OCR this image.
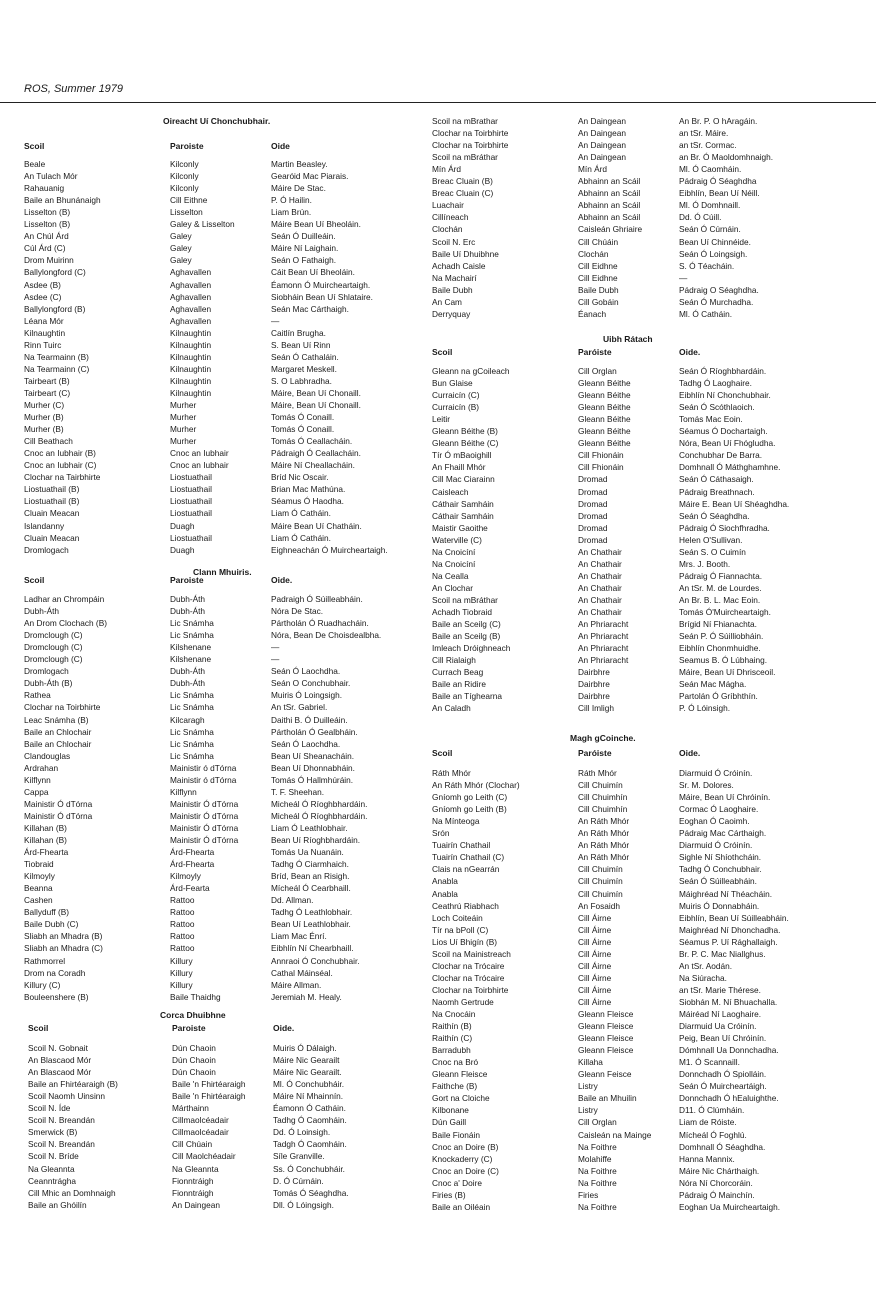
ROS, Summer 1979
Oireacht Uí Chonchubhair.
Scoil	Paroiste	Oide
Beale	Kilconly	Martin Beasley.
An Tulach Mór	Kilconly	Gearóid Mac Piarais.
Rahauanig	Kilconly	Máire De Stac.
Baile an Bhunánaigh	Cill Eithne	P. Ó Hailin.
Lisselton (B)	Lisselton	Liam Brún.
Lisselton (B)	Galey & Lisselton	Máire Bean Uí Bheoláin.
An Chúl Árd	Galey	Seán Ó Duilleáin.
Cúl Árd (C)	Galey	Máire Ní Laighain.
Drom Muirinn	Galey	Seán O Fathaigh.
Ballylongford (C)	Aghavallen	Cáit Bean Uí Bheoláin.
Asdee (B)	Aghavallen	Éamonn Ó Muircheartaigh.
Asdee (C)	Aghavallen	Siobháin Bean Uí Shlataire.
Ballylongford (B)	Aghavallen	Seán Mac Cárthaigh.
Léana Mór	Aghavallen	—
Kilnaughtin	Kilnaughtin	Caitlín Brugha.
Rinn Tuirc	Kilnaughtin	S. Bean Uí Rinn
Na Tearmainn (B)	Kilnaughtin	Seán Ó Cathaláin.
Na Tearmainn (C)	Kilnaughtin	Margaret Meskell.
Tairbeart (B)	Kilnaughtin	S. O Labhradha.
Tairbeart (C)	Kilnaughtin	Máire, Bean Uí Chonaill.
Murher (C)	Murher	Máire, Bean Uí Chonaill.
Murher (B)	Murher	Tomás Ó Conaill.
Murher (B)	Murher	Tomás Ó Conaill.
Cill Beathach	Murher	Tomás Ó Ceallacháin.
Cnoc an Iubhair (B)	Cnoc an Iubhair	Pádraigh Ó Ceallacháin.
Cnoc an Iubhair (C)	Cnoc an Iubhair	Máire Ní Cheallacháin.
Clochar na Tairbhirte	Liostuathail	Bríd Nic Oscair.
Liostuathail (B)	Liostuathail	Brian Mac Mathúna.
Liostuathail (B)	Liostuathail	Séamus Ó Haodha.
Cluain Meacan	Liostuathail	Liam Ó Catháin.
Islandanny	Duagh	Máire Bean Uí Chatháin.
Cluain Meacan	Liostuathail	Liam Ó Catháin.
Dromlogach	Duagh	Eighneachán Ó Muircheartaigh.
Clann Mhuiris.
Scoil	Paroiste	Oide.
Ladhar an Chrompáin	Dubh-Áth	Padraigh Ó Súilleabháin.
Dubh-Áth	Dubh-Áth	Nóra De Stac.
An Drom Clochach (B)	Lic Snámha	Pártholán Ó Ruadhacháin.
Dromclough (C)	Lic Snámha	Nóra, Bean De Choisdealbha.
Dromclough (C)	Kilshenane	—
Dromclough (C)	Kilshenane	—
Dromlogach	Dubh-Áth	Seán Ó Laochdha.
Dubh-Áth (B)	Dubh-Áth	Seán O Conchubhair.
Rathea	Lic Snámha	Muiris Ó Loingsigh.
Clochar na Toirbhirte	Lic Snámha	An tSr. Gabriel.
Leac Snámha (B)	Kilcaragh	Daithi B. Ó Duilleáin.
Baile an Chlochair	Lic Snámha	Pártholán Ó Gealbháin.
Baile an Chlochair	Lic Snámha	Seán Ó Laochdha.
Clandouglas	Lic Snámha	Bean Uí Sheanacháin.
Ardrahan	Mainistir ó dTórna	Bean Uí Dhonnabháin.
Kilflynn	Mainistir ó dTórna	Tomás Ó Hallmhúráin.
Cappa	Kilflynn	T. F. Sheehan.
Mainistir Ó dTórna	Mainistir Ó dTórna	Micheál Ó Ríoghbhardáin.
Mainistir Ó dTórna	Mainistir Ó dTórna	Micheál Ó Ríoghbhardáin.
Killahan (B)	Mainistir Ó dTórna	Liam Ó Leathlobhair.
Killahan (B)	Mainistir Ó dTórna	Bean Uí Ríoghbhardáin.
Árd-Fhearta	Árd-Fhearta	Tomás Ua Nuanáin.
Tiobraid	Árd-Fhearta	Tadhg Ó Ciarmhaich.
Kilmoyly	Kilmoyly	Bríd, Bean an Risigh.
Beanna	Árd-Fearta	Mícheál Ó Cearbhaill.
Cashen	Rattoo	Dd. Allman.
Ballyduff (B)	Rattoo	Tadhg Ó Leathlobhair.
Baile Dubh (C)	Rattoo	Bean Uí Leathlobhair.
Sliabh an Mhadra (B)	Rattoo	Liam Mac Énrí.
Sliabh an Mhadra (C)	Rattoo	Eibhlín Ní Chearbhaill.
Rathmorrel	Killury	Annraoi Ó Conchubhair.
Drom na Coradh	Killury	Cathal Máinséal.
Killury (C)	Killury	Máire Allman.
Bouleenshere (B)	Baile Thaidhg	Jeremiah M. Healy.
Corca Dhuibhne
Scoil	Paroiste	Oide.
Scoil N. Gobnait	Dún Chaoin	Muiris Ó Dálaigh.
An Blascaod Mór	Dún Chaoin	Máire Nic Gearailt
An Blascaod Mór	Dún Chaoin	Máire Nic Gearailt.
Baile an Fhirtéaraigh (B)	Baile 'n Fhirtéaraigh	Ml. Ó Conchubháir.
Scoil Naomh Uinsinn	Baile 'n Fhirtéaraigh	Máire Ní Mhainnín.
Scoil N. Íde	Márthainn	Éamonn Ó Catháin.
Scoil N. Breandán	Cillmaolcéadair	Tadhg Ó Caomháin.
Smerwick (B)	Cillmaolcéadair	Dd. Ó Loinsigh.
Scoil N. Breandán	Cill Chúain	Tadgh Ó Caomháin.
Scoil N. Bríde	Cill Maolchéadair	Síle Granville.
Na Gleannta	Na Gleannta	Ss. Ó Conchubháir.
Ceanntrágha	Fionntráigh	D. Ó Cúrnáin.
Cill Mhic an Domhnaigh	Fionntráigh	Tomás Ó Séaghdha.
Baile an Ghóilín	An Daingean	Dll. Ó Lóingsigh.
Scoil na mBrathar	An Daingean	An Br. P. O hAragáin.
Clochar na Toirbhirte	An Daingean	an tSr. Máire.
Clochar na Toirbhirte	An Daingean	an tSr. Cormac.
Scoil na mBráthar	An Daingean	an Br. Ó Maoldomhnaigh.
Mín Árd	Mín Árd	Ml. Ó Caomháin.
Breac Cluain (B)	Abhainn an Scáil	Pádraig Ó Séaghdha
Breac Cluain (C)	Abhainn an Scáil	Eibhlín, Bean Uí Néill.
Luachair	Abhainn an Scáil	Ml. Ó Domhnaill.
Cillíneach	Abhainn an Scáil	Dd. Ó Cúill.
Clochán	Caisleán Ghriaire	Seán Ó Cúrnáin.
Scoil N. Erc	Cill Chúáin	Bean Uí Chinnéide.
Baile Uí Dhuibhne	Clochán	Seán Ó Loingsigh.
Achadh Caisle	Cill Eidhne	S. Ó Téacháin.
Na Machairí	Cill Eidhne	—
Baile Dubh	Baile Dubh	Pádraig O Séaghdha.
An Cam	Cill Gobáin	Seán Ó Murchadha.
Derryquay	Éanach	Ml. Ó Catháin.
Uibh Rátach
Scoil	Paróiste	Oide.
Gleann na gCoileach	Cill Orglan	Seán Ó Ríoghbhardáin.
Bun Glaise	Gleann Béithe	Tadhg Ó Laoghaire.
Curraicín (C)	Gleann Béithe	Eibhlín Ní Chonchubhair.
Curraicín (B)	Gleann Béithe	Seán Ó Scóthlaoich.
Leitir	Gleann Béithe	Tomás Mac Eoin.
Gleann Béithe (B)	Gleann Béithe	Séamus Ó Dochartaigh.
Gleann Béithe (C)	Gleann Béithe	Nóra, Bean Uí Fhógludha.
Tír Ó mBaoighill	Cill Fhionáin	Conchubhar De Barra.
An Fhaill Mhór	Cill Fhionáin	Domhnall Ó Máthghamhne.
Cill Mac Ciarainn	Dromad	Seán Ó Cáthasaigh.
Caisleach	Dromad	Pádraig Breathnach.
Cáthair Samháin	Dromad	Máire E. Bean Uí Shéaghdha.
Cáthair Samháin	Dromad	Seán Ó Séaghdha.
Maistir Gaoithe	Dromad	Pádraig Ó Siochfhradha.
Waterville (C)	Dromad	Helen O'Sullivan.
Na Cnoicíní	An Chathair	Seán S. O Cuimín
Na Cnoicíní	An Chathair	Mrs. J. Booth.
Na Cealla	An Chathair	Pádraig Ó Fiannachta.
An Clochar	An Chathair	An tSr. M. de Lourdes.
Scoil na mBráthar	An Chathair	An Br. B. L. Mac Eoin.
Achadh Tiobraid	An Chathair	Tomás Ó'Muircheartaigh.
Baile an Sceilg (C)	An Phriaracht	Brígid Ní Fhianachta.
Baile an Sceilg (B)	An Phriaracht	Seán P. Ó Súilliobháin.
Imleach Dróighneach	An Phriaracht	Eibhlín Chonmhuidhe.
Cill Rialaigh	An Phriaracht	Seamus B. Ó Lúbhaing.
Currach Beag	Dairbhre	Máire, Bean Uí Dhrisceoil.
Baile an Ridire	Dairbhre	Seán Mac Mágha.
Baile an Tíghearna	Dairbhre	Partolán Ó Gríbhthín.
An Caladh	Cill Imligh	P. Ó Lóinsigh.
Magh gCoinche.
Scoil	Paróiste	Oide.
Ráth Mhór	Ráth Mhór	Diarmuid Ó Cróinín.
An Ráth Mhór (Clochar)	Cill Chuimín	Sr. M. Dolores.
Gníomh go Leith (C)	Cill Chuimhín	Máire, Bean Uí Chróinín.
Gníomh go Leith (B)	Cill Chuimhín	Cormac Ó Laoghaire.
Na Mínteoga	An Ráth Mhór	Eoghan Ó Caoimh.
Srón	An Ráth Mhór	Pádraig Mac Cárthaigh.
Tuairín Chathail	An Ráth Mhór	Diarmuid Ó Cróinín.
Tuairín Chathail (C)	An Ráth Mhór	Sighle Ní Shíothcháin.
Clais na nGearrán	Cill Chuimín	Tadhg Ó Conchubhair.
Anabla	Cill Chuimín	Seán Ó Súilleabháin.
Anabla	Cill Chuimín	Máighréad Ní Théacháin.
Ceathrú Riabhach	An Fosaidh	Muiris Ó Donnabháin.
Loch Coiteáin	Cill Áirne	Eibhlín, Bean Uí Súilleabháin.
Tír na bPoll (C)	Cill Áirne	Maighréad Ní Dhonchadha.
Lios Uí Bhigín (B)	Cill Áirne	Séamus P. Uí Rághallaigh.
Scoil na Mainistreach	Cill Áirne	Br. P. C. Mac Niallghus.
Clochar na Trócaire	Cill Áirne	An tSr. Aodán.
Clochar na Trócaire	Cill Áirne	Na Siúracha.
Clochar na Toirbhirte	Cill Áirne	an tSr. Marie Thérese.
Naomh Gertrude	Cill Áirne	Siobhán M. Ní Bhuachalla.
Na Cnocáin	Gleann Fleisce	Máiréad Ní Laoghaire.
Raithín (B)	Gleann Fleisce	Diarmuid Ua Cróinín.
Raithín (C)	Gleann Fleisce	Peig, Bean Uí Chróinín.
Barradubh	Gleann Fleisce	Dómhnall Ua Donnchadha.
Cnoc na Bró	Killaha	M1. Ó Scannaill.
Gleann Fleisce	Gleann Feisce	Donnchadh Ó Spiolláin.
Faithche (B)	Listry	Seán Ó Muircheartáigh.
Gort na Cloiche	Baile an Mhuilin	Donnchadh Ó hEaluighthe.
Kilbonane	Listry	D11. Ó Clúmháin.
Dún Gaill	Cill Orglan	Liam de Róiste.
Baile Fionáin	Caisleán na Mainge	Mícheál Ó Foghlú.
Cnoc an Doire (B)	Na Foithre	Domhnall Ó Séaghdha.
Knockaderry (C)	Molahiffe	Hanna Mannix.
Cnoc an Doire (C)	Na Foithre	Máire Nic Chárthaigh.
Cnoc a' Doire	Na Foithre	Nóra Ní Chorcoráin.
Firies (B)	Firies	Pádraig Ó Mainchín.
Baile an Oiléain	Na Foithre	Eoghan Ua Muircheartaigh.
